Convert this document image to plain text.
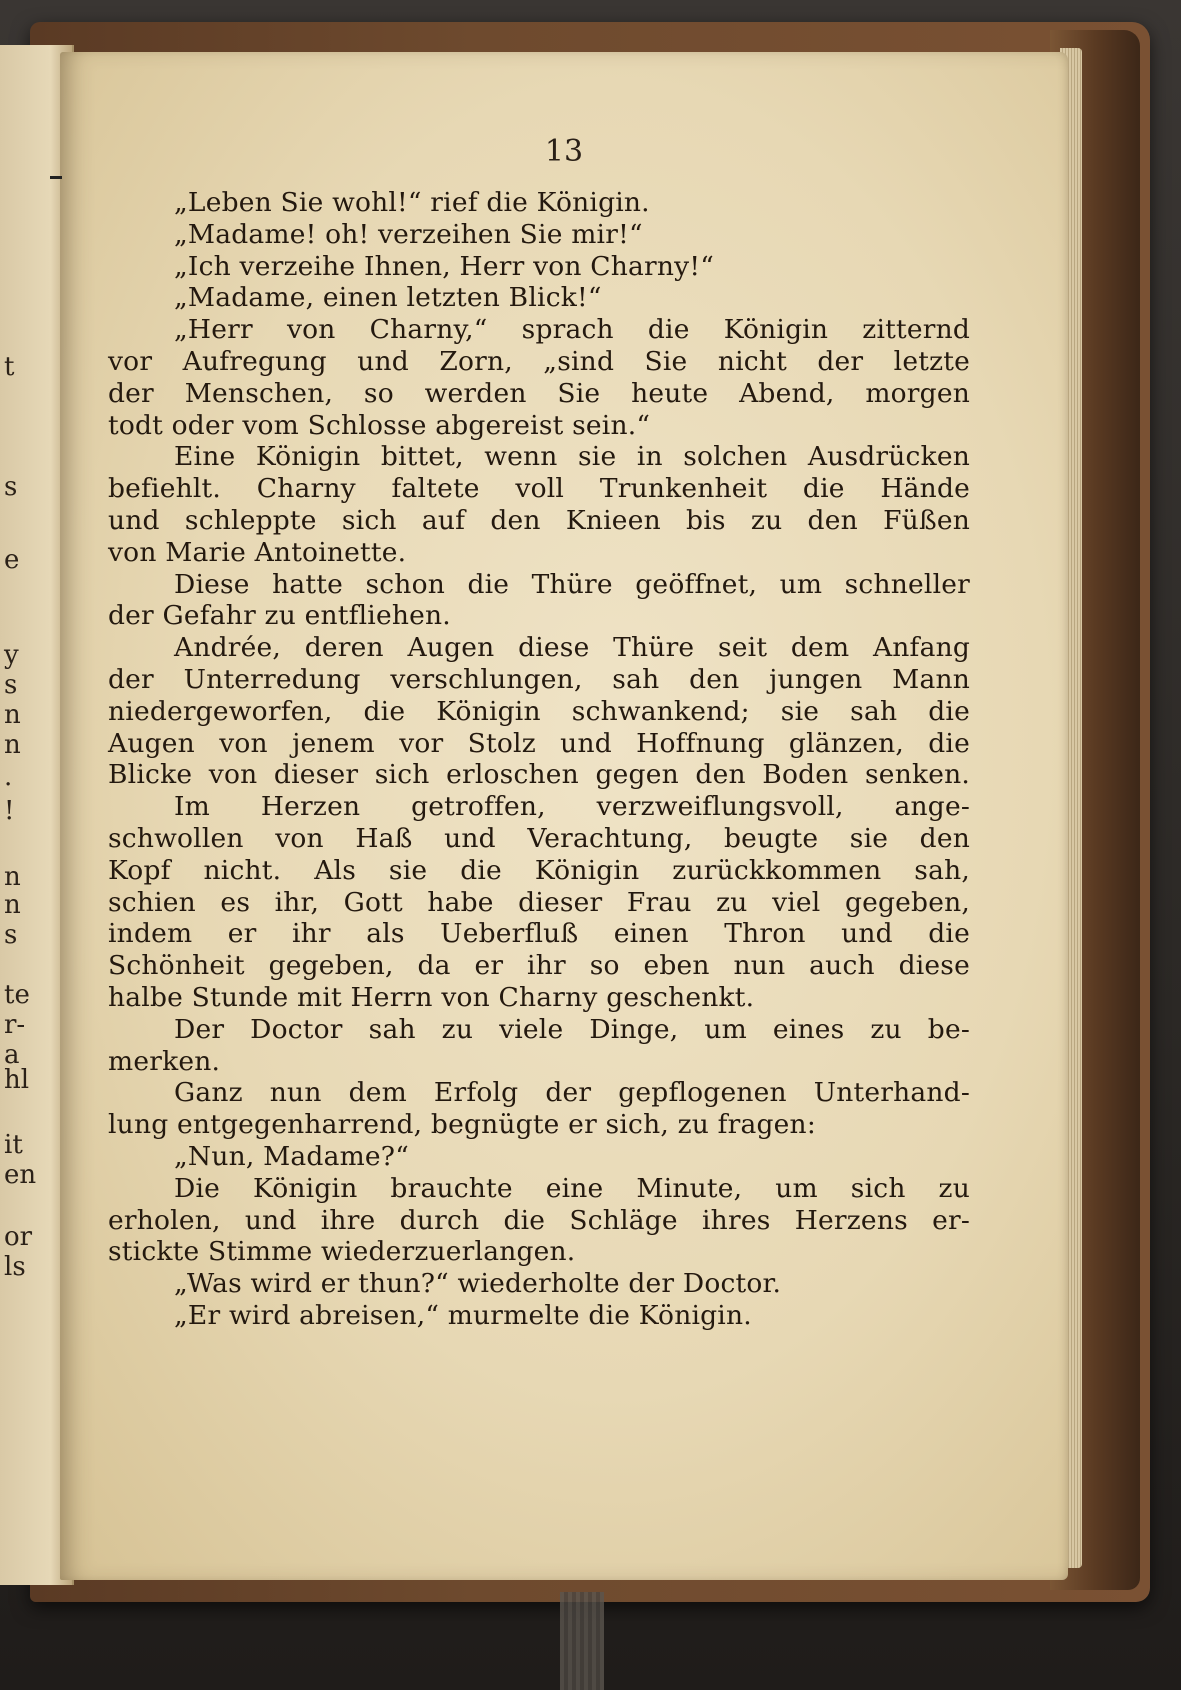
t
s
e
y
s
n
n
.
!
n
n
s
te
r-
a
hl
it
en
or
ls
13
„Leben Sie wohl!“ rief die Königin.
„Madame! oh! verzeihen Sie mir!“
„Ich verzeihe Ihnen, Herr von Charny!“
„Madame, einen letzten Blick!“
„Herr von Charny,“ sprach die Königin zitternd
vor Aufregung und Zorn, „sind Sie nicht der letzte
der Menschen, so werden Sie heute Abend, morgen
todt oder vom Schlosse abgereist sein.“
Eine Königin bittet, wenn sie in solchen Ausdrücken
befiehlt. Charny faltete voll Trunkenheit die Hände
und schleppte sich auf den Knieen bis zu den Füßen
von Marie Antoinette.
Diese hatte schon die Thüre geöffnet, um schneller
der Gefahr zu entfliehen.
Andrée, deren Augen diese Thüre seit dem Anfang
der Unterredung verschlungen, sah den jungen Mann
niedergeworfen, die Königin schwankend; sie sah die
Augen von jenem vor Stolz und Hoffnung glänzen, die
Blicke von dieser sich erloschen gegen den Boden senken.
Im Herzen getroffen, verzweiflungsvoll, ange-
schwollen von Haß und Verachtung, beugte sie den
Kopf nicht. Als sie die Königin zurückkommen sah,
schien es ihr, Gott habe dieser Frau zu viel gegeben,
indem er ihr als Ueberfluß einen Thron und die
Schönheit gegeben, da er ihr so eben nun auch diese
halbe Stunde mit Herrn von Charny geschenkt.
Der Doctor sah zu viele Dinge, um eines zu be-
merken.
Ganz nun dem Erfolg der gepflogenen Unterhand-
lung entgegenharrend, begnügte er sich, zu fragen:
„Nun, Madame?“
Die Königin brauchte eine Minute, um sich zu
erholen, und ihre durch die Schläge ihres Herzens er-
stickte Stimme wiederzuerlangen.
„Was wird er thun?“ wiederholte der Doctor.
„Er wird abreisen,“ murmelte die Königin.
